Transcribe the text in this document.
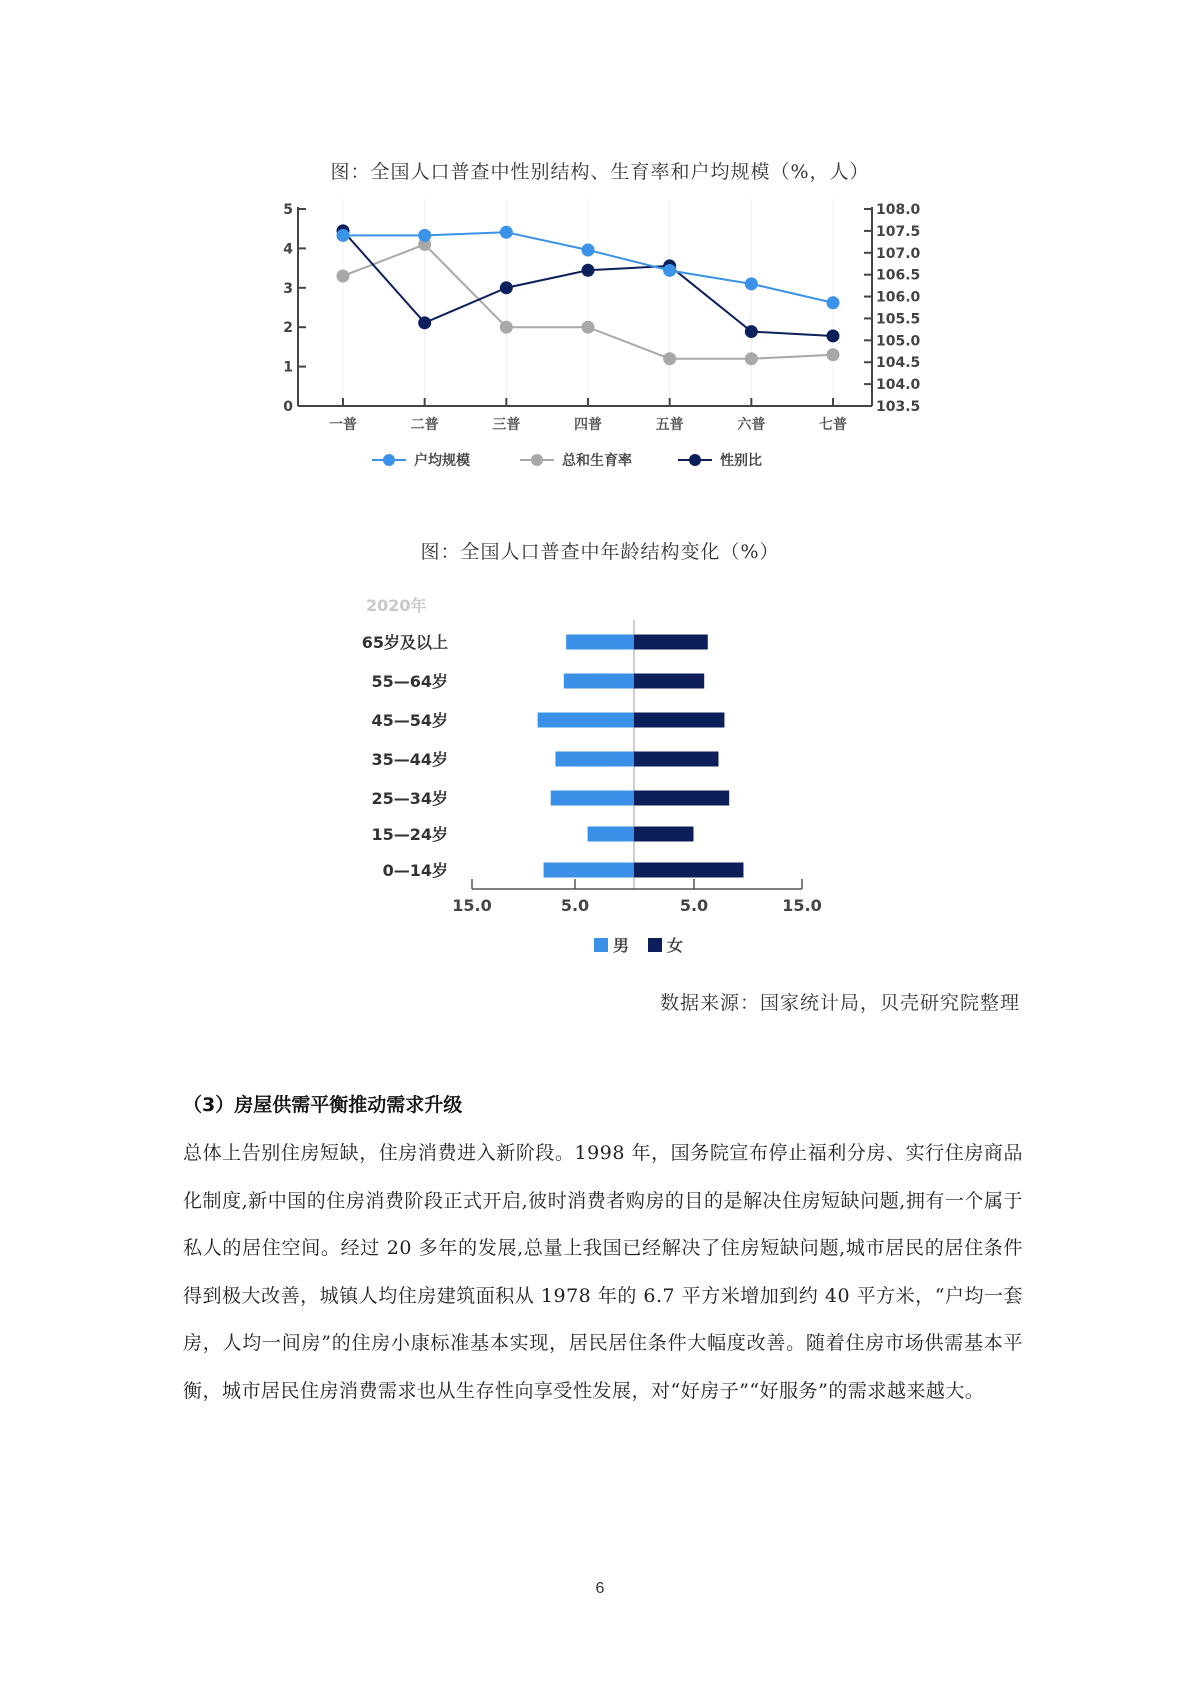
图：全国人口普查中性别结构、生育率和户均规模（%，人）
0
1
2
3
4
5
一普	二普	三普	四普	五普	六普	七普
103.5
104.0
104.5
105.0
105.5
106.0
106.5
107.0
107.5
108.0
户均规模	总和生育率	性别比
图：全国人口普查中年龄结构变化（%）
2020年
65岁及以上
55—64岁
45—54岁
35—44岁
25—34岁
15—24岁
0—14岁
15.0	5.0	5.0	15.0
男 女
数据来源：国家统计局，贝壳研究院整理
（3）房屋供需平衡推动需求升级
总体上告别住房短缺，住房消费进入新阶段。1998 年，国务院宣布停止福利分房、实行住房商品化制度,新中国的住房消费阶段正式开启,彼时消费者购房的目的是解决住房短缺问题,拥有一个属于私人的居住空间。经过 20 多年的发展,总量上我国已经解决了住房短缺问题,城市居民的居住条件得到极大改善，城镇人均住房建筑面积从 1978 年的 6.7 平方米增加到约 40 平方米，“户均一套房，人均一间房”的住房小康标准基本实现，居民居住条件大幅度改善。随着住房市场供需基本平衡，城市居民住房消费需求也从生存性向享受性发展，对“好房子”“好服务”的需求越来越大。
6
